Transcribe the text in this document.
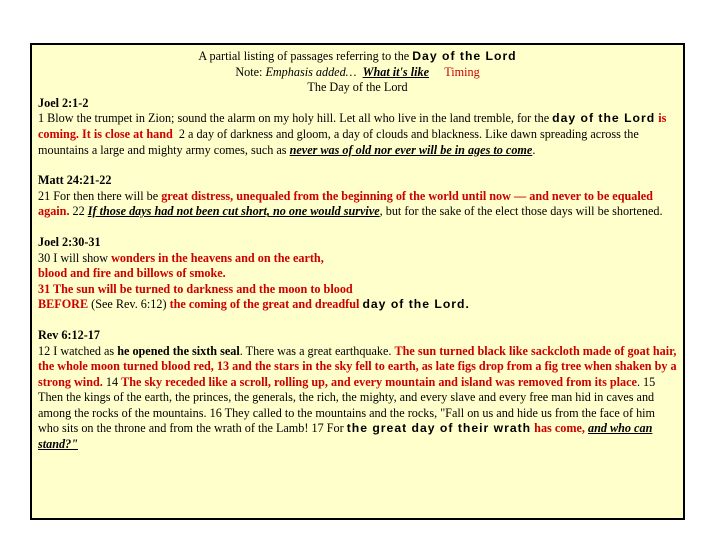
A partial listing of passages referring to the Day of the Lord

Note: Emphasis added… What it's like Timing

The Day of the Lord

Joel 2:1-2

1 Blow the trumpet in Zion; sound the alarm on my holy hill. Let all who live in the land tremble, for the day of the Lord is coming. It is close at hand 2 a day of darkness and gloom, a day of clouds and blackness. Like dawn spreading across the mountains a large and mighty army comes, such as never was of old nor ever will be in ages to come.

Matt 24:21-22

21 For then there will be great distress, unequaled from the beginning of the world until now — and never to be equaled again. 22 If those days had not been cut short, no one would survive, but for the sake of the elect those days will be shortened.

Joel 2:30-31

30 I will show wonders in the heavens and on the earth,
blood and fire and billows of smoke.
31 The sun will be turned to darkness and the moon to blood
BEFORE (See Rev. 6:12) the coming of the great and dreadful day of the Lord.

Rev 6:12-17

12 I watched as he opened the sixth seal. There was a great earthquake. The sun turned black like sackcloth made of goat hair, the whole moon turned blood red, 13 and the stars in the sky fell to earth, as late figs drop from a fig tree when shaken by a strong wind. 14 The sky receded like a scroll, rolling up, and every mountain and island was removed from its place. 15 Then the kings of the earth, the princes, the generals, the rich, the mighty, and every slave and every free man hid in caves and among the rocks of the mountains. 16 They called to the mountains and the rocks, "Fall on us and hide us from the face of him who sits on the throne and from the wrath of the Lamb! 17 For the great day of their wrath has come, and who can stand?"
